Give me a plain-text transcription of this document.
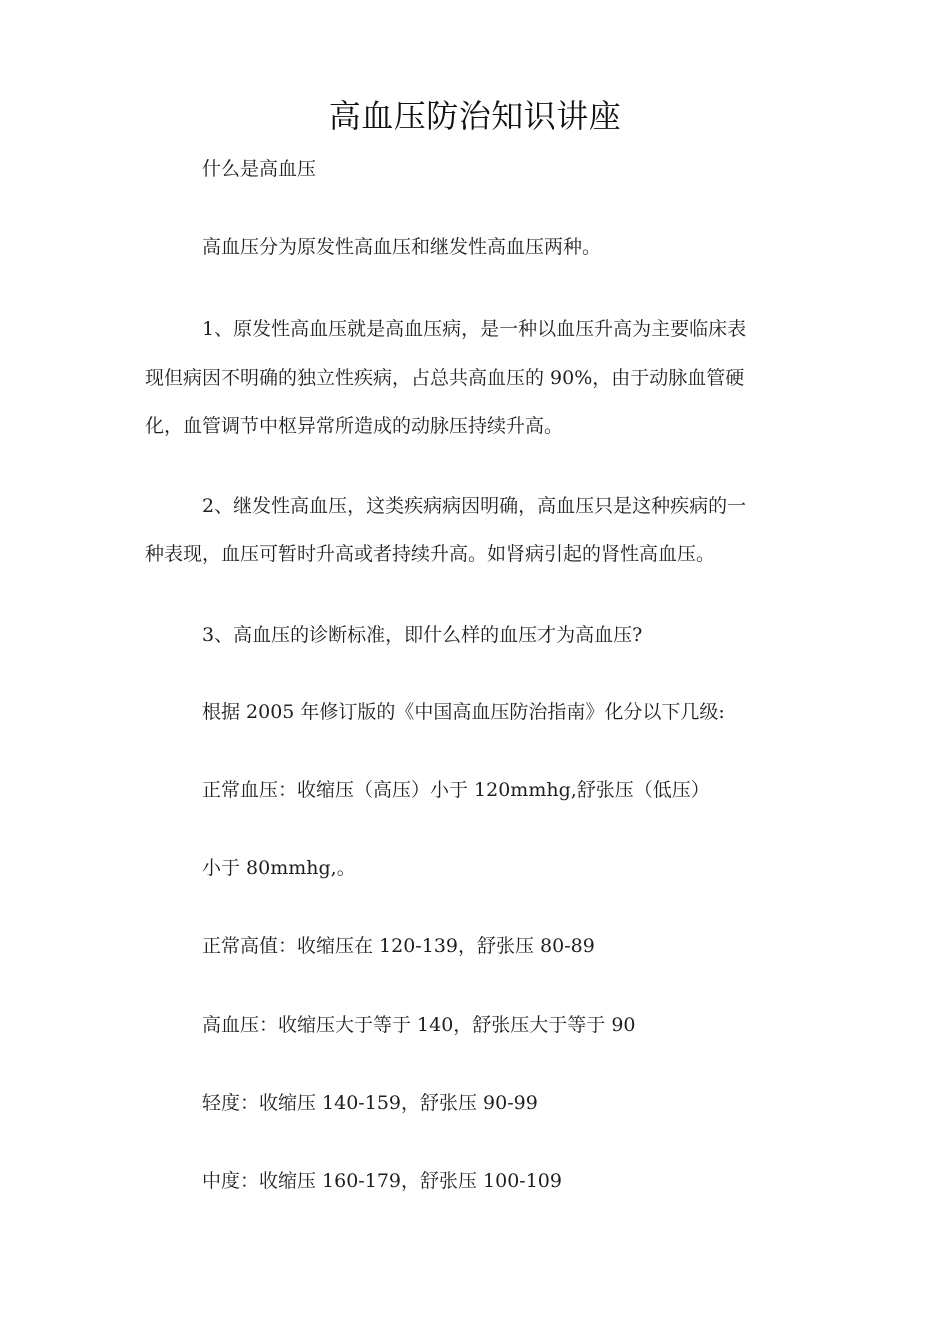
高血压防治知识讲座
什么是高血压
高血压分为原发性高血压和继发性高血压两种。
1、原发性高血压就是高血压病，是一种以血压升高为主要临床表
现但病因不明确的独立性疾病，占总共高血压的 90%，由于动脉血管硬
化，血管调节中枢异常所造成的动脉压持续升高。
2、继发性高血压，这类疾病病因明确，高血压只是这种疾病的一
种表现，血压可暂时升高或者持续升高。如肾病引起的肾性高血压。
3、高血压的诊断标准，即什么样的血压才为高血压?
根据 2005 年修订版的《中国高血压防治指南》化分以下几级:
正常血压：收缩压（高压）小于 120mmhg,舒张压（低压）
小于 80mmhg,。
正常高值：收缩压在 120-139，舒张压 80-89
高血压：收缩压大于等于 140，舒张压大于等于 90
轻度：收缩压 140-159，舒张压 90-99
中度：收缩压 160-179，舒张压 100-109
